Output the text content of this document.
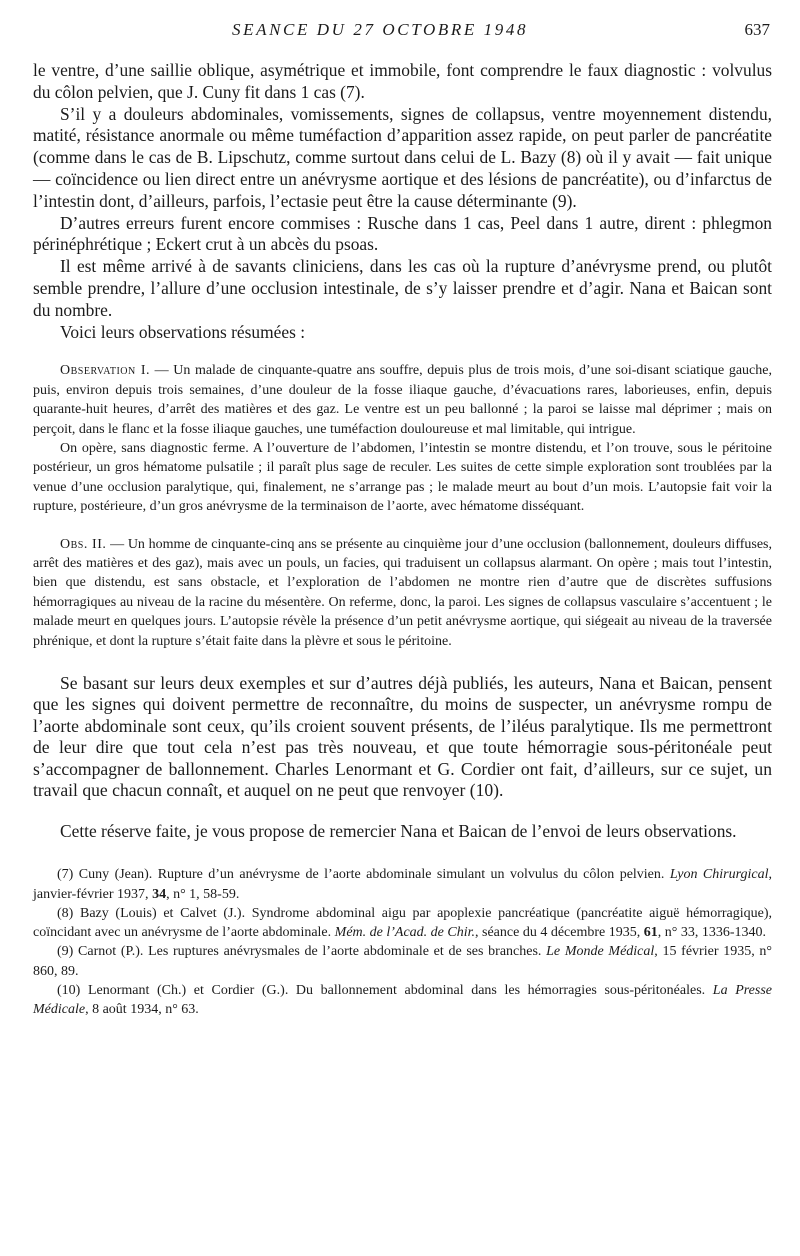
SEANCE DU 27 OCTOBRE 1948	637

le ventre, d’une saillie oblique, asymétrique et immobile, font comprendre le faux diagnostic : volvulus du côlon pelvien, que J. Cuny fit dans 1 cas (7).

S’il y a douleurs abdominales, vomissements, signes de collapsus, ventre moyennement distendu, matité, résistance anormale ou même tuméfaction d’apparition assez rapide, on peut parler de pancréatite (comme dans le cas de B. Lipschutz, comme surtout dans celui de L. Bazy (8) où il y avait — fait unique — coïncidence ou lien direct entre un anévrysme aortique et des lésions de pancréatite), ou d’infarctus de l’intestin dont, d’ailleurs, parfois, l’ectasie peut être la cause déterminante (9).

D’autres erreurs furent encore commises : Rusche dans 1 cas, Peel dans 1 autre, dirent : phlegmon périnéphrétique ; Eckert crut à un abcès du psoas.

Il est même arrivé à de savants cliniciens, dans les cas où la rupture d’anévrysme prend, ou plutôt semble prendre, l’allure d’une occlusion intestinale, de s’y laisser prendre et d’agir. Nana et Baican sont du nombre.

Voici leurs observations résumées :

Observation I. — Un malade de cinquante-quatre ans souffre, depuis plus de trois mois, d’une soi-disant sciatique gauche, puis, environ depuis trois semaines, d’une douleur de la fosse iliaque gauche, d’évacuations rares, laborieuses, enfin, depuis quarante-huit heures, d’arrêt des matières et des gaz. Le ventre est un peu ballonné ; la paroi se laisse mal déprimer ; mais on perçoit, dans le flanc et la fosse iliaque gauches, une tuméfaction douloureuse et mal limitable, qui intrigue.

On opère, sans diagnostic ferme. A l’ouverture de l’abdomen, l’intestin se montre distendu, et l’on trouve, sous le péritoine postérieur, un gros hématome pulsatile ; il paraît plus sage de reculer. Les suites de cette simple exploration sont troublées par la venue d’une occlusion paralytique, qui, finalement, ne s’arrange pas ; le malade meurt au bout d’un mois. L’autopsie fait voir la rupture, postérieure, d’un gros anévrysme de la terminaison de l’aorte, avec hématome disséquant.

Obs. II. — Un homme de cinquante-cinq ans se présente au cinquième jour d’une occlusion (ballonnement, douleurs diffuses, arrêt des matières et des gaz), mais avec un pouls, un facies, qui traduisent un collapsus alarmant. On opère ; mais tout l’intestin, bien que distendu, est sans obstacle, et l’exploration de l’abdomen ne montre rien d’autre que de discrètes suffusions hémorragiques au niveau de la racine du mésentère. On referme, donc, la paroi. Les signes de collapsus vasculaire s’accentuent ; le malade meurt en quelques jours. L’autopsie révèle la présence d’un petit anévrysme aortique, qui siégeait au niveau de la traversée phrénique, et dont la rupture s’était faite dans la plèvre et sous le péritoine.

Se basant sur leurs deux exemples et sur d’autres déjà publiés, les auteurs, Nana et Baican, pensent que les signes qui doivent permettre de reconnaître, du moins de suspecter, un anévrysme rompu de l’aorte abdominale sont ceux, qu’ils croient souvent présents, de l’iléus paralytique. Ils me permettront de leur dire que tout cela n’est pas très nouveau, et que toute hémorragie sous-péritonéale peut s’accompagner de ballonnement. Charles Lenormant et G. Cordier ont fait, d’ailleurs, sur ce sujet, un travail que chacun connaît, et auquel on ne peut que renvoyer (10).

Cette réserve faite, je vous propose de remercier Nana et Baican de l’envoi de leurs observations.

(7) Cuny (Jean). Rupture d’un anévrysme de l’aorte abdominale simulant un volvulus du côlon pelvien. Lyon Chirurgical, janvier-février 1937, 34, n° 1, 58-59.

(8) Bazy (Louis) et Calvet (J.). Syndrome abdominal aigu par apoplexie pancréatique (pancréatite aiguë hémorragique), coïncidant avec un anévrysme de l’aorte abdominale. Mém. de l’Acad. de Chir., séance du 4 décembre 1935, 61, n° 33, 1336-1340.

(9) Carnot (P.). Les ruptures anévrysmales de l’aorte abdominale et de ses branches. Le Monde Médical, 15 février 1935, n° 860, 89.

(10) Lenormant (Ch.) et Cordier (G.). Du ballonnement abdominal dans les hémorragies sous-péritonéales. La Presse Médicale, 8 août 1934, n° 63.
